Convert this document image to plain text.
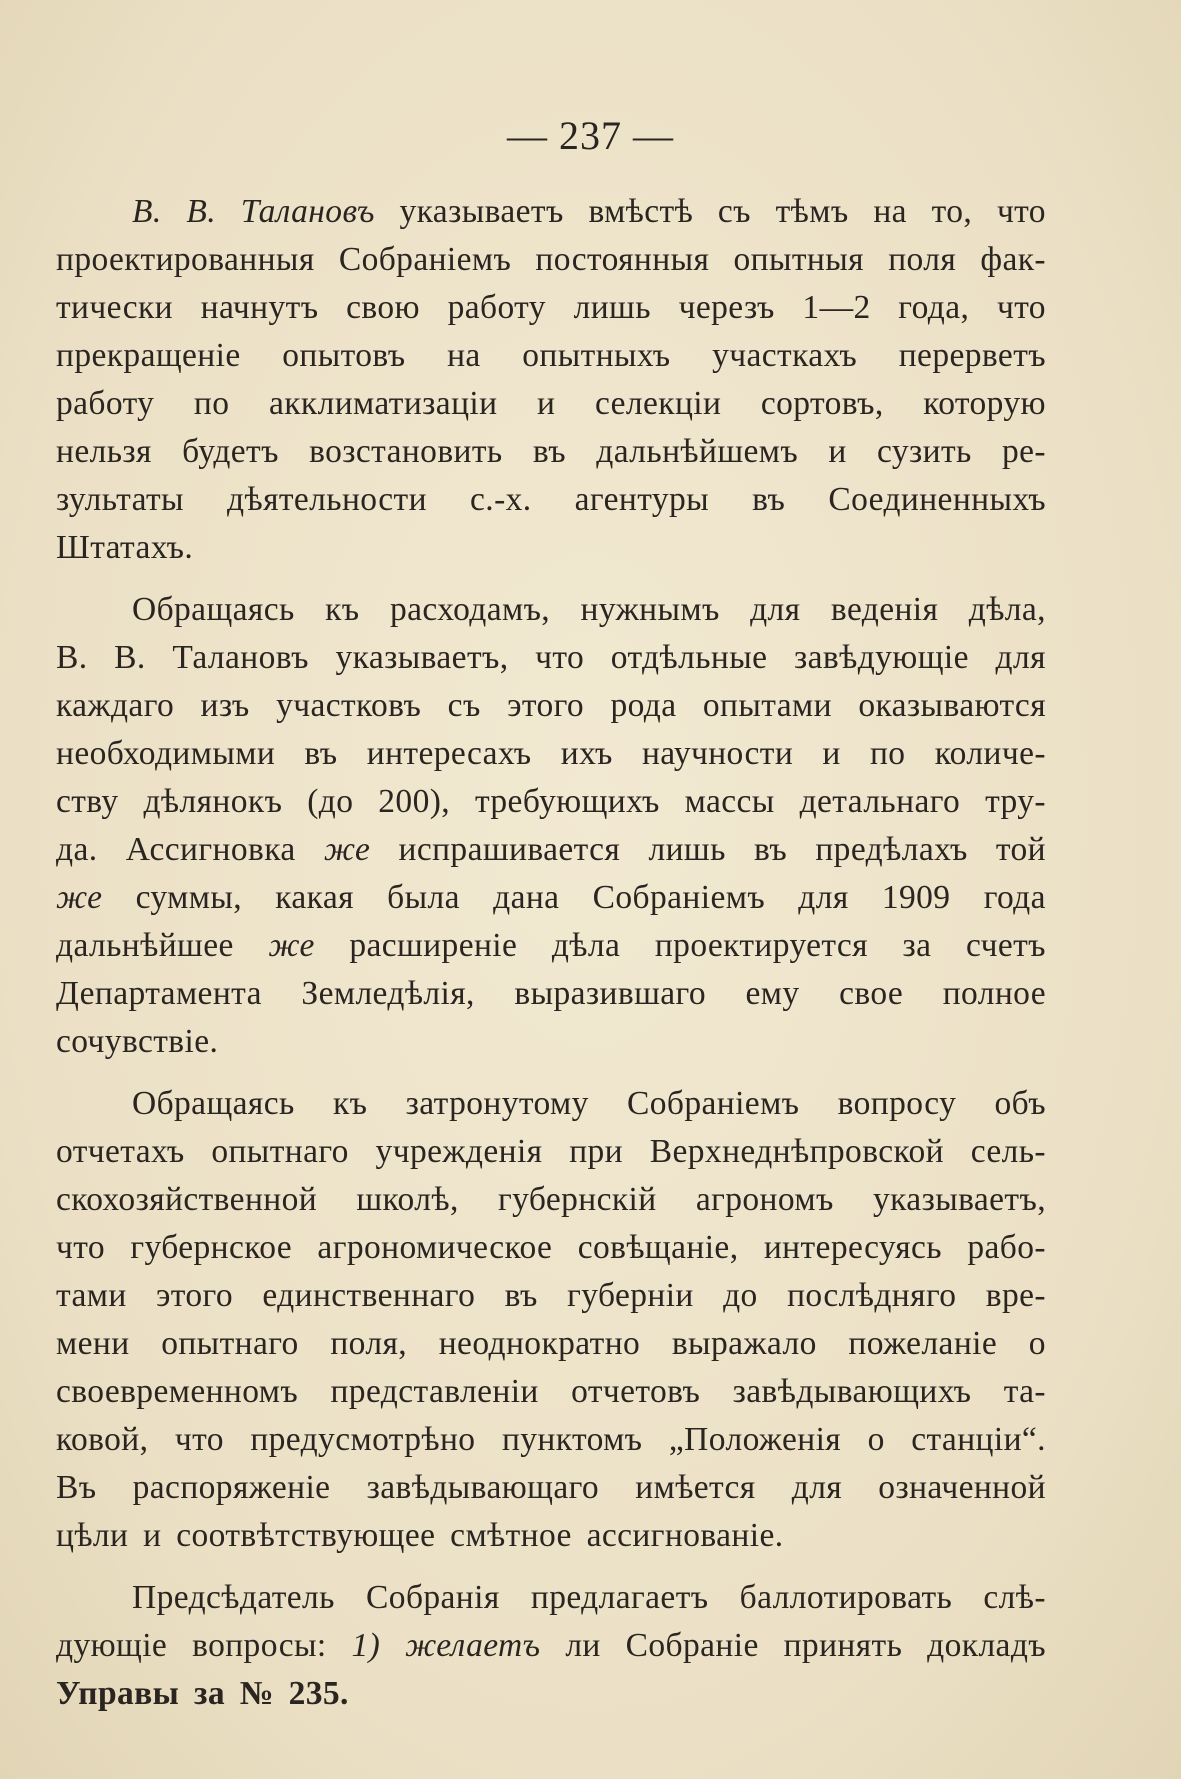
— 237 —
В. В. Талановъ указываетъ вмѣстѣ съ тѣмъ на то, что
проектированныя Собраніемъ постоянныя опытныя поля фак-
тически начнутъ свою работу лишь черезъ 1—2 года, что
прекращеніе опытовъ на опытныхъ участкахъ перерветъ
работу по акклиматизаціи и селекціи сортовъ, которую
нельзя будетъ возстановить въ дальнѣйшемъ и сузить ре-
зультаты дѣятельности с.-х. агентуры въ Соединенныхъ
Штатахъ.
Обращаясь къ расходамъ, нужнымъ для веденія дѣла,
В. В. Талановъ указываетъ, что отдѣльные завѣдующіе для
каждаго изъ участковъ съ этого рода опытами оказываются
необходимыми въ интересахъ ихъ научности и по количе-
ству дѣлянокъ (до 200), требующихъ массы детальнаго тру-
да. Ассигновка же испрашивается лишь въ предѣлахъ той
же суммы, какая была дана Собраніемъ для 1909 года
дальнѣйшее же расширеніе дѣла проектируется за счетъ
Департамента Земледѣлія, выразившаго ему свое полное
сочувствіе.
Обращаясь къ затронутому Собраніемъ вопросу объ
отчетахъ опытнаго учрежденія при Верхнеднѣпровской сель-
скохозяйственной школѣ, губернскій агрономъ указываетъ,
что губернское агрономическое совѣщаніе, интересуясь рабо-
тами этого единственнаго въ губерніи до послѣдняго вре-
мени опытнаго поля, неоднократно выражало пожеланіе о
своевременномъ представленіи отчетовъ завѣдывающихъ та-
ковой, что предусмотрѣно пунктомъ „Положенія о станціи“.
Въ распоряженіе завѣдывающаго имѣется для означенной
цѣли
и
соотвѣтствующее
смѣтное
ассигнованіе.
Предсѣдатель Собранія предлагаетъ баллотировать слѣ-
дующіе вопросы: 1) желаетъ ли Собраніе принять докладъ
Управы
за
№
235.
